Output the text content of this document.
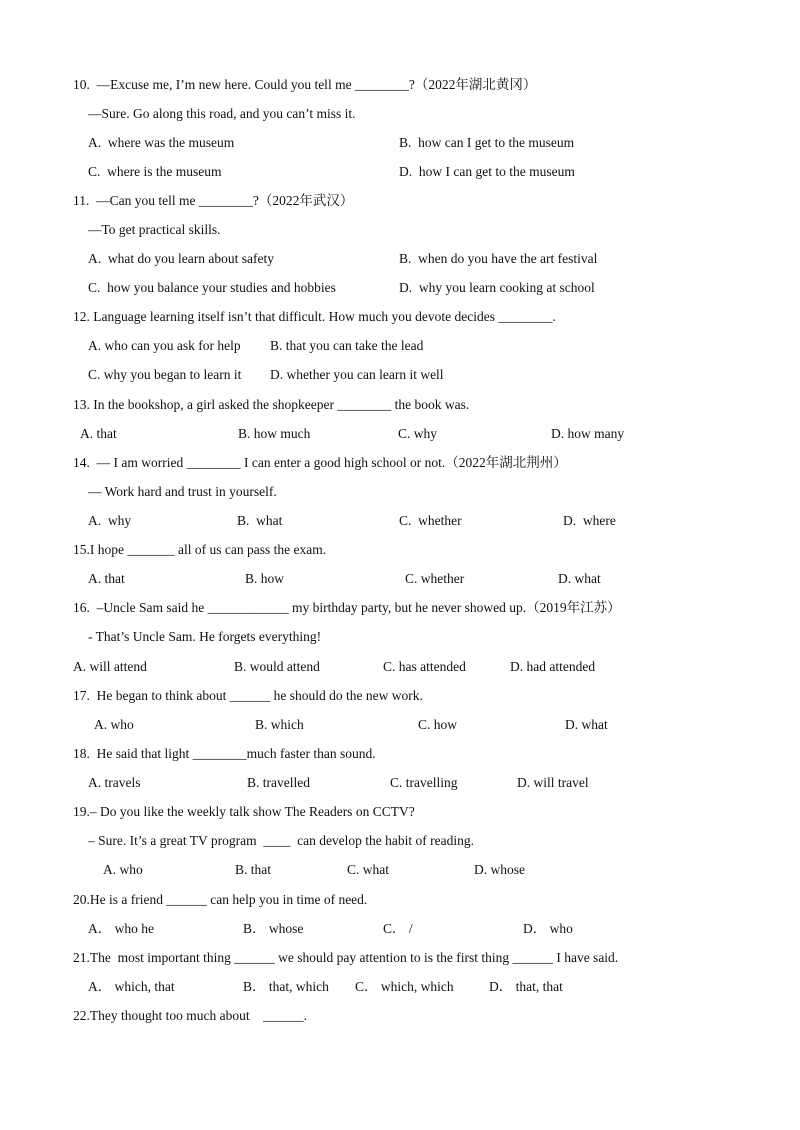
10.  —Excuse me, I’m new here. Could you tell me ________?（2022年湖北黄冈）
—Sure. Go along this road, and you can’t miss it.
A.  where was the museum	B.  how can I get to the museum
C.  where is the museum	D.  how I can get to the museum
11.  —Can you tell me ________?（2022年武汉）
—To get practical skills.
A.  what do you learn about safety	B.  when do you have the art festival
C.  how you balance your studies and hobbies	D.  why you learn cooking at school
12. Language learning itself isn’t that difficult. How much you devote decides ________.
A. who can you ask for help B. that you can take the lead
C. why you began to learn it D. whether you can learn it well
13. In the bookshop, a girl asked the shopkeeper ________ the book was.
A. that	B. how much	C. why	D. how many
14.  — I am worried ________ I can enter a good high school or not.（2022年湖北荆州）
— Work hard and trust in yourself.
A.  why	B.  what	C.  whether	D.  where
15.I hope _______ all of us can pass the exam.
A. that	B. how	C. whether	D. what
16.  –Uncle Sam said he ____________ my birthday party, but he never showed up.（2019年江苏）
- That’s Uncle Sam. He forgets everything!
A. will attend	B. would attend	C. has attended	D. had attended
17.  He began to think about ______ he should do the new work.
A. who	B. which	C. how	D. what
18.  He said that light ________much faster than sound.
A. travels	B. travelled	C. travelling	D. will travel
19.– Do you like the weekly talk show The Readers on CCTV?
– Sure. It’s a great TV program  ____  can develop the habit of reading.
A. who	B. that	C. what	D. whose
20.He is a friend ______ can help you in time of need.
A． who he	B． whose	C． /	D． who
21.The  most important thing ______ we should pay attention to is the first thing ______ I have said.
A． which, that	B． that, which C． which, which	D． that, that
22.They thought too much about    ______.
